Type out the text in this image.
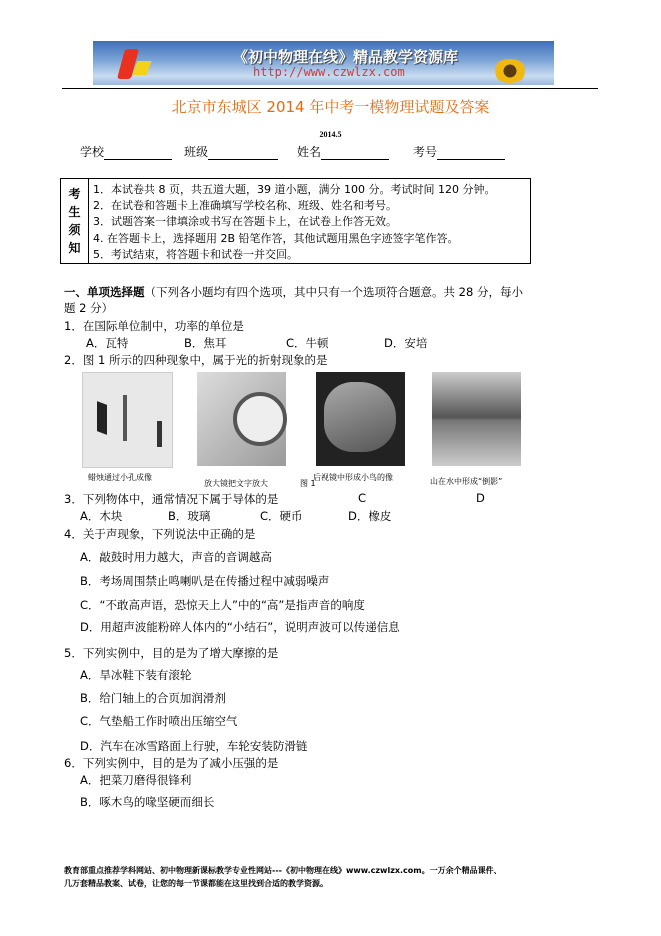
《初中物理在线》精品教学资源库
http://www.czwlzx.com
北京市东城区 2014 年中考一模物理试题及答案
2014.5
学校	班级	姓名	考号
考
生
须
知
1．本试卷共 8 页，共五道大题，39 道小题，满分 100 分。考试时间 120 分钟。
2．在试卷和答题卡上准确填写学校名称、班级、姓名和考号。
3．试题答案一律填涂或书写在答题卡上，在试卷上作答无效。
4. 在答题卡上，选择题用 2B 铅笔作答，其他试题用黑色字迹签字笔作答。
5．考试结束，将答题卡和试卷一并交回。
一、单项选择题（下列各小题均有四个选项，其中只有一个选项符合题意。共 28 分，每小
题 2 分）
1．在国际单位制中，功率的单位是
A．瓦特	B．焦耳	C．牛顿	D．安培
2．图 1 所示的四种现象中，属于光的折射现象的是
蜡烛通过小孔成像
放大镜把文字放大	图 1
后视镜中形成小鸟的像	山在水中形成“倒影”
3．下列物体中，通常情况下属于导体的是	C	D
A．木块	B．玻璃	C．硬币	D．橡皮
4．关于声现象，下列说法中正确的是
A．敲鼓时用力越大，声音的音调越高
B．考场周围禁止鸣喇叭是在传播过程中减弱噪声
C．“不敢高声语，恐惊天上人”中的“高”是指声音的响度
D．用超声波能粉碎人体内的“小结石”，说明声波可以传递信息
5．下列实例中，目的是为了增大摩擦的是
A．旱冰鞋下装有滚轮
B．给门轴上的合页加润滑剂
C．气垫船工作时喷出压缩空气
D．汽车在冰雪路面上行驶，车轮安装防滑链
6．下列实例中，目的是为了减小压强的是
A．把菜刀磨得很锋利
B．啄木鸟的喙坚硬而细长
教育部重点推荐学科网站、初中物理新课标教学专业性网站---《初中物理在线》www.czwlzx.com。一万余个精品课件、
几万套精品教案、试卷，让您的每一节课都能在这里找到合适的教学资源。
